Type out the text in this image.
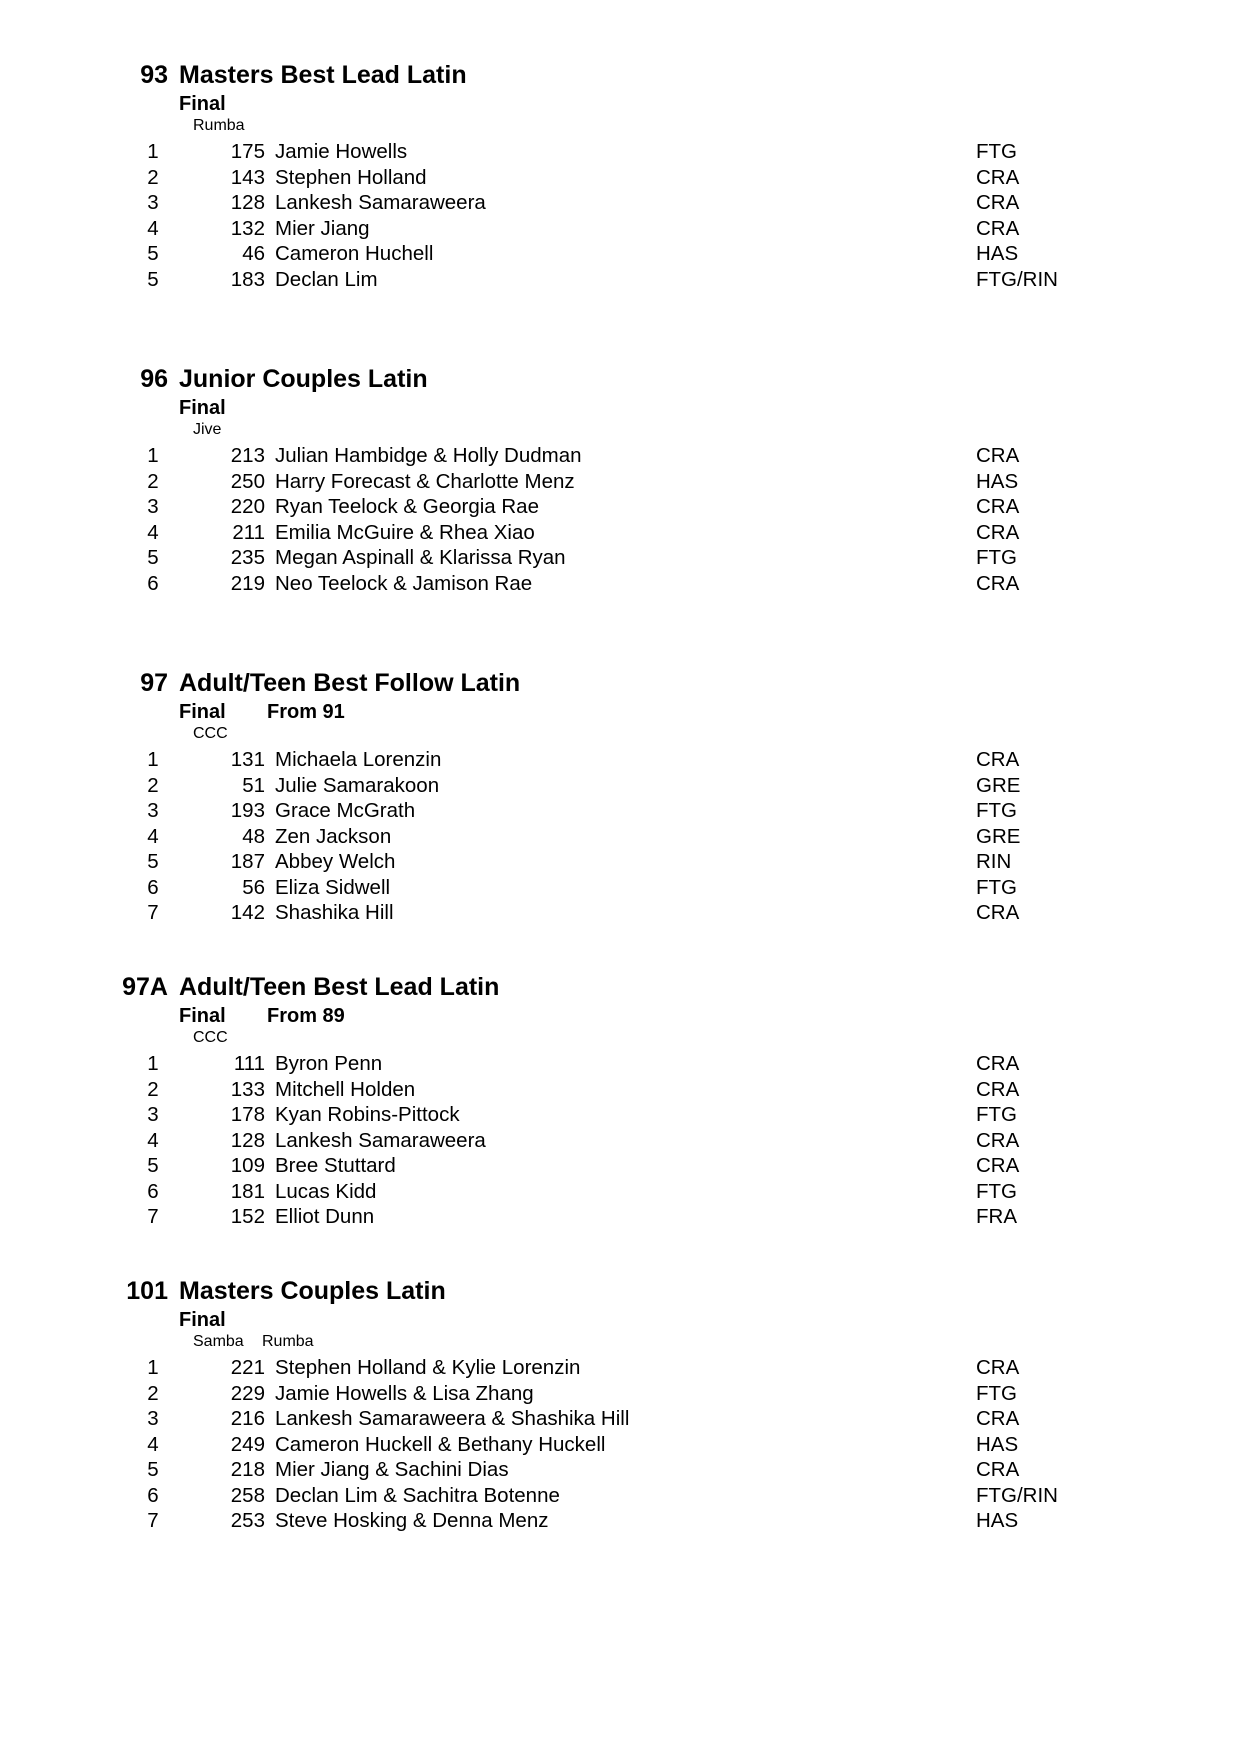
93 Masters Best Lead Latin
Final
Rumba
1	175 Jamie Howells	FTG
2	143 Stephen Holland	CRA
3	128 Lankesh Samaraweera	CRA
4	132 Mier Jiang	CRA
5	46 Cameron Huchell	HAS
5	183 Declan Lim	FTG/RIN
96 Junior Couples Latin
Final
Jive
1	213 Julian Hambidge & Holly Dudman	CRA
2	250 Harry Forecast & Charlotte Menz	HAS
3	220 Ryan Teelock & Georgia Rae	CRA
4	211 Emilia McGuire & Rhea Xiao	CRA
5	235 Megan Aspinall & Klarissa Ryan	FTG
6	219 Neo Teelock & Jamison Rae	CRA
97 Adult/Teen Best Follow Latin
Final From 91
CCC
1	131 Michaela Lorenzin	CRA
2	51 Julie Samarakoon	GRE
3	193 Grace McGrath	FTG
4	48 Zen Jackson	GRE
5	187 Abbey Welch	RIN
6	56 Eliza Sidwell	FTG
7	142 Shashika Hill	CRA
97A Adult/Teen Best Lead Latin
Final From 89
CCC
1	111 Byron Penn	CRA
2	133 Mitchell Holden	CRA
3	178 Kyan Robins-Pittock	FTG
4	128 Lankesh Samaraweera	CRA
5	109 Bree Stuttard	CRA
6	181 Lucas Kidd	FTG
7	152 Elliot Dunn	FRA
101 Masters Couples Latin
Final
Samba Rumba
1	221 Stephen Holland & Kylie Lorenzin	CRA
2	229 Jamie Howells & Lisa Zhang	FTG
3	216 Lankesh Samaraweera & Shashika Hill	CRA
4	249 Cameron Huckell & Bethany Huckell	HAS
5	218 Mier Jiang & Sachini Dias	CRA
6	258 Declan Lim & Sachitra Botenne	FTG/RIN
7	253 Steve Hosking & Denna Menz	HAS
